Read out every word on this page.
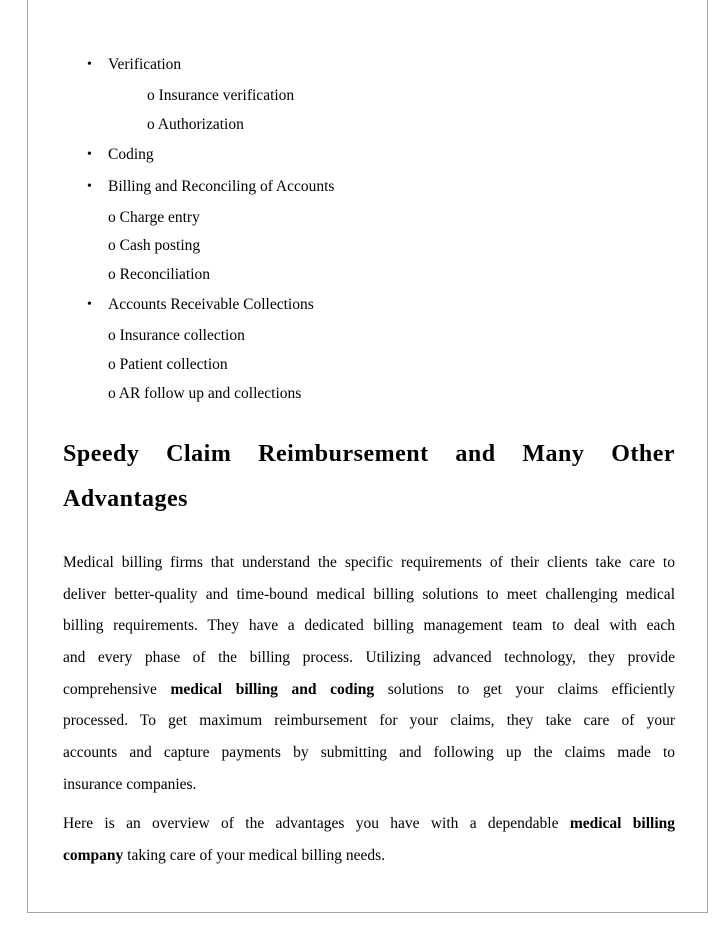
• Verification
o Insurance verification
o Authorization
• Coding
• Billing and Reconciling of Accounts
o Charge entry
o Cash posting
o Reconciliation
• Accounts Receivable Collections
o Insurance collection
o Patient collection
o AR follow up and collections
Speedy Claim Reimbursement and Many Other
Advantages
Medical billing firms that understand the specific requirements of their clients take care to
deliver better-quality and time-bound medical billing solutions to meet challenging medical
billing requirements. They have a dedicated billing management team to deal with each
and every phase of the billing process. Utilizing advanced technology, they provide
comprehensive medical billing and coding solutions to get your claims efficiently
processed. To get maximum reimbursement for your claims, they take care of your
accounts and capture payments by submitting and following up the claims made to
insurance companies.
Here is an overview of the advantages you have with a dependable medical billing
company taking care of your medical billing needs.
